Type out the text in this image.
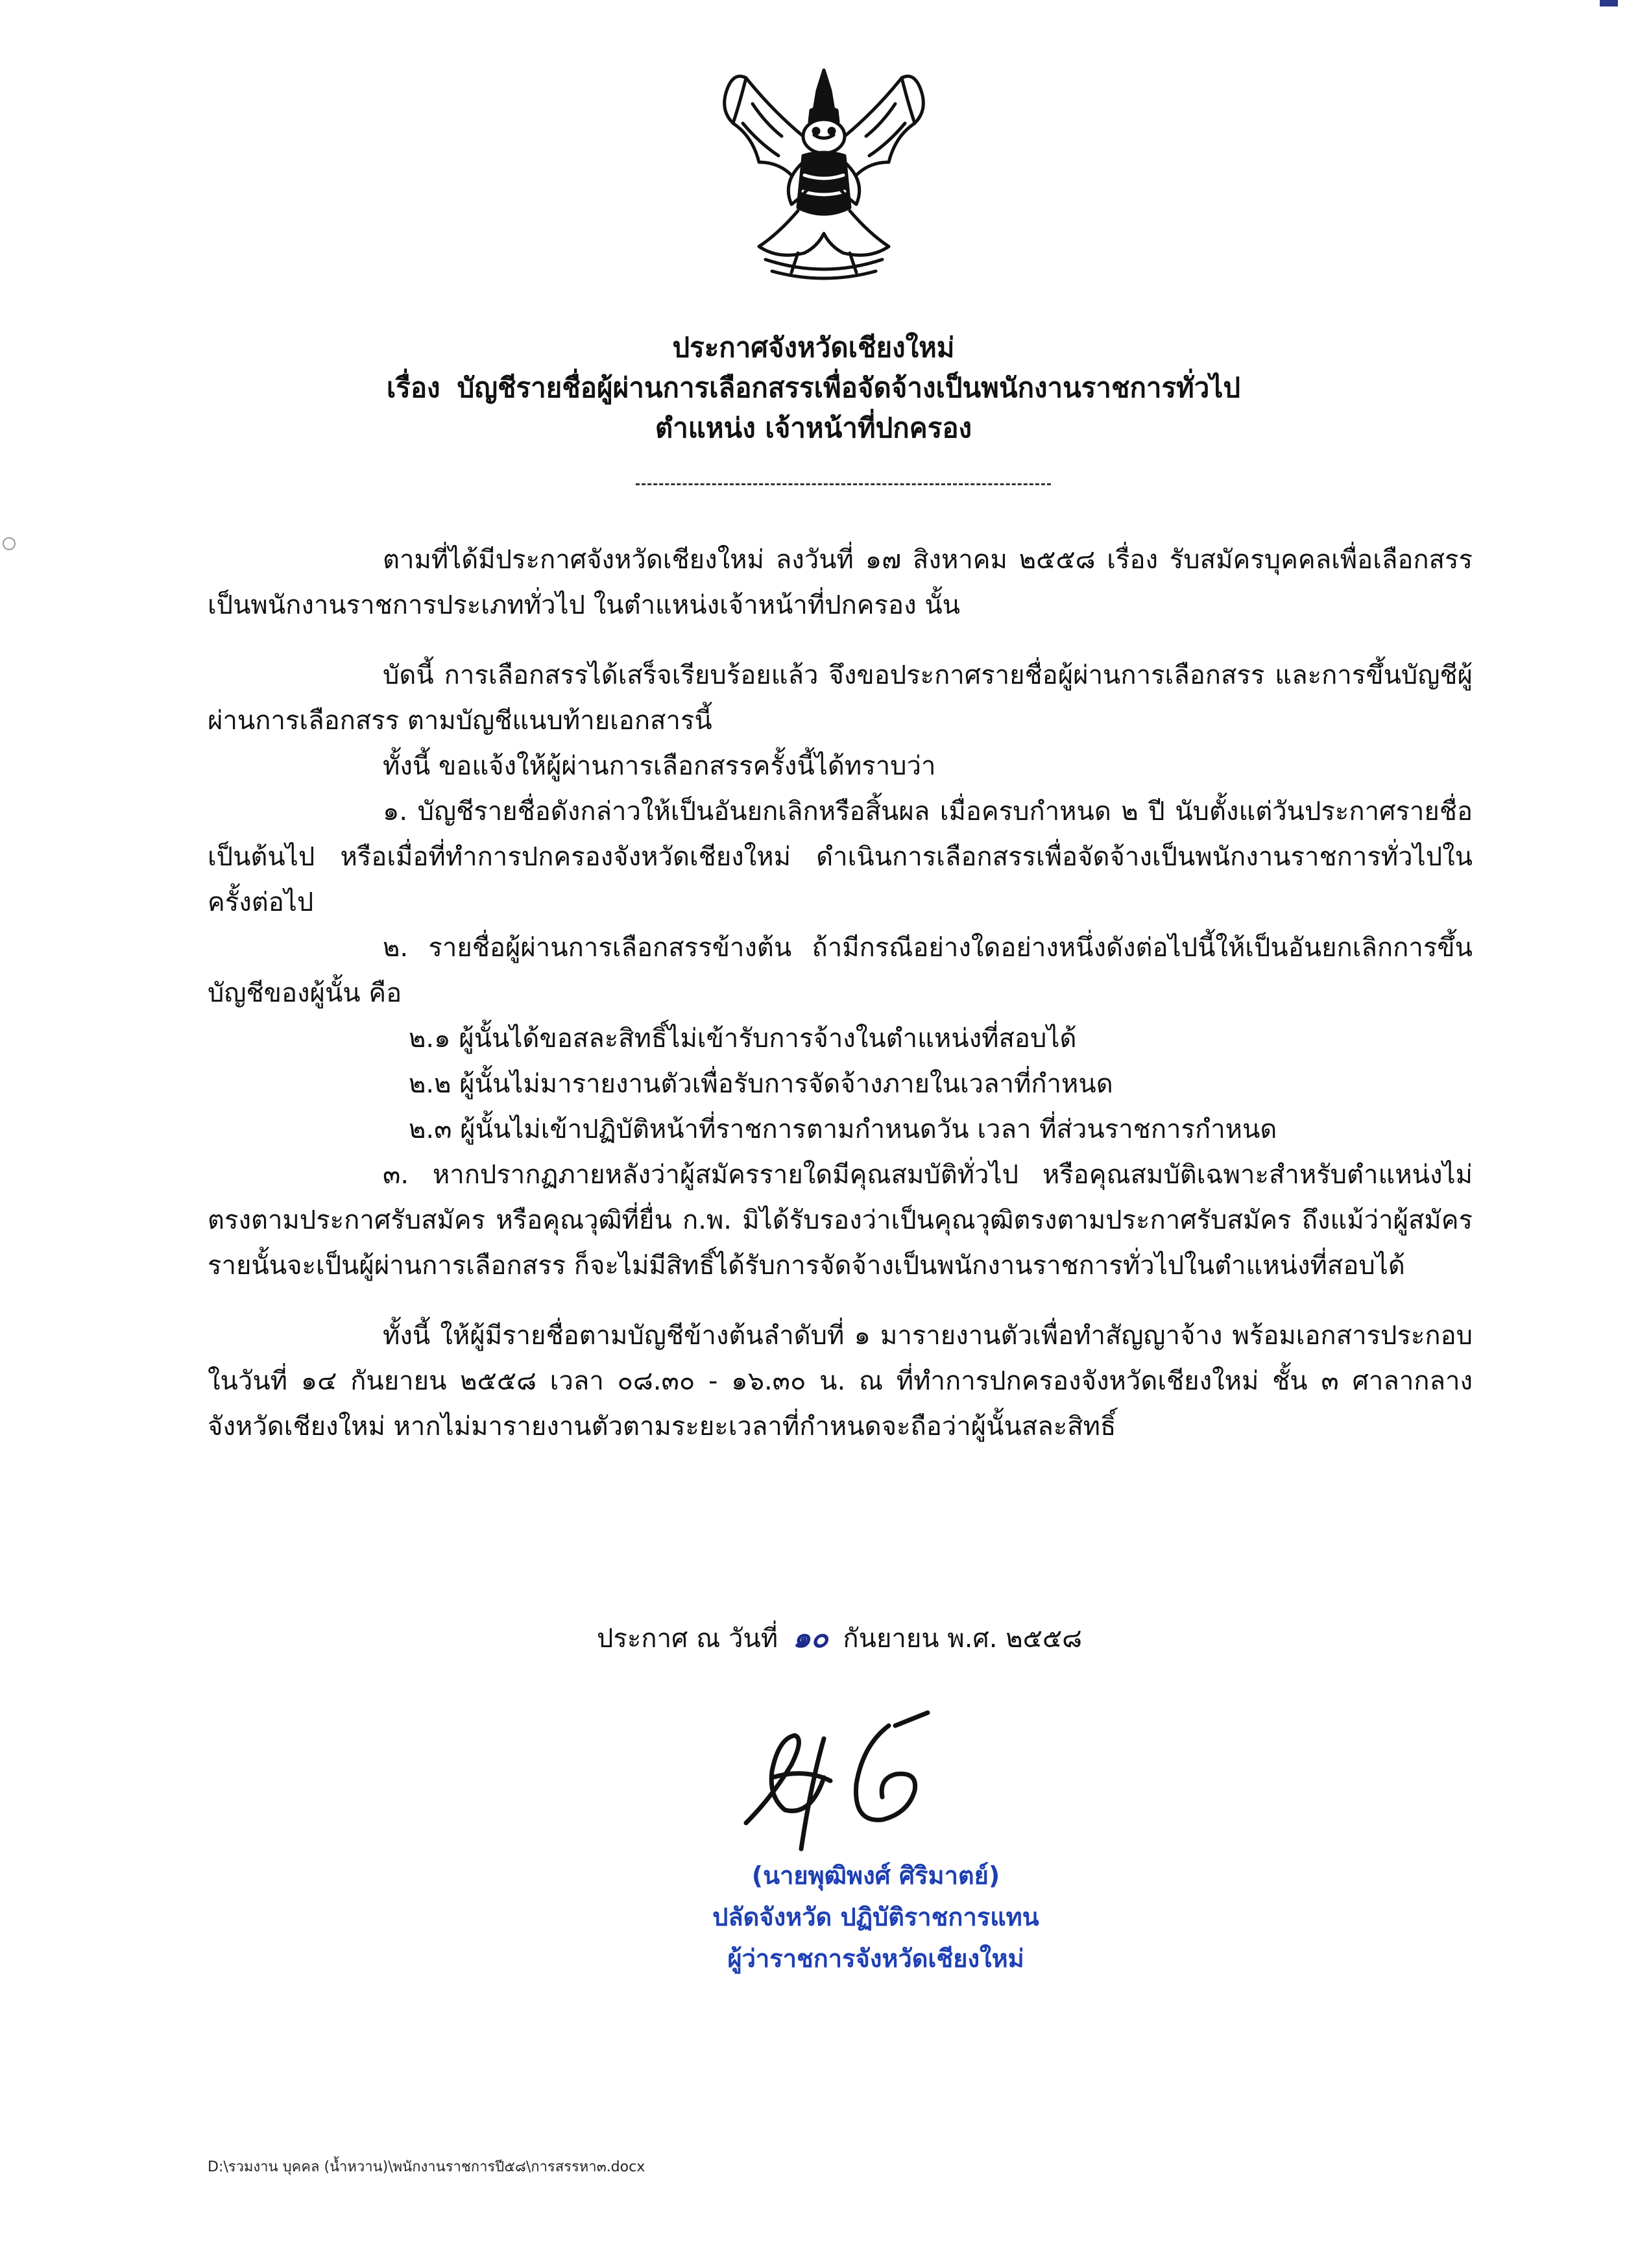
ประกาศจังหวัดเชียงใหม่
เรื่อง บัญชีรายชื่อผู้ผ่านการเลือกสรรเพื่อจัดจ้างเป็นพนักงานราชการทั่วไป
ตำแหน่ง เจ้าหน้าที่ปกครอง

ตามที่ได้มีประกาศจังหวัดเชียงใหม่ ลงวันที่ ๑๗ สิงหาคม ๒๕๕๘ เรื่อง รับสมัครบุคคลเพื่อเลือกสรรเป็นพนักงานราชการประเภททั่วไป ในตำแหน่งเจ้าหน้าที่ปกครอง นั้น

บัดนี้ การเลือกสรรได้เสร็จเรียบร้อยแล้ว จึงขอประกาศรายชื่อผู้ผ่านการเลือกสรร และการขึ้นบัญชีผู้ผ่านการเลือกสรร ตามบัญชีแนบท้ายเอกสารนี้

ทั้งนี้ ขอแจ้งให้ผู้ผ่านการเลือกสรรครั้งนี้ได้ทราบว่า

๑. บัญชีรายชื่อดังกล่าวให้เป็นอันยกเลิกหรือสิ้นผล เมื่อครบกำหนด ๒ ปี นับตั้งแต่วันประกาศรายชื่อเป็นต้นไป หรือเมื่อที่ทำการปกครองจังหวัดเชียงใหม่ ดำเนินการเลือกสรรเพื่อจัดจ้างเป็นพนักงานราชการทั่วไปในครั้งต่อไป

๒. รายชื่อผู้ผ่านการเลือกสรรข้างต้น ถ้ามีกรณีอย่างใดอย่างหนึ่งดังต่อไปนี้ให้เป็นอันยกเลิกการขึ้นบัญชีของผู้นั้น คือ

๒.๑ ผู้นั้นได้ขอสละสิทธิ์ไม่เข้ารับการจ้างในตำแหน่งที่สอบได้

๒.๒ ผู้นั้นไม่มารายงานตัวเพื่อรับการจัดจ้างภายในเวลาที่กำหนด

๒.๓ ผู้นั้นไม่เข้าปฏิบัติหน้าที่ราชการตามกำหนดวัน เวลา ที่ส่วนราชการกำหนด

๓. หากปรากฏภายหลังว่าผู้สมัครรายใดมีคุณสมบัติทั่วไป หรือคุณสมบัติเฉพาะสำหรับตำแหน่งไม่ตรงตามประกาศรับสมัคร หรือคุณวุฒิที่ยื่น ก.พ. มิได้รับรองว่าเป็นคุณวุฒิตรงตามประกาศรับสมัคร ถึงแม้ว่าผู้สมัครรายนั้นจะเป็นผู้ผ่านการเลือกสรร ก็จะไม่มีสิทธิ์ได้รับการจัดจ้างเป็นพนักงานราชการทั่วไปในตำแหน่งที่สอบได้

ทั้งนี้ ให้ผู้มีรายชื่อตามบัญชีข้างต้นลำดับที่ ๑ มารายงานตัวเพื่อทำสัญญาจ้าง พร้อมเอกสารประกอบ ในวันที่ ๑๔ กันยายน ๒๕๕๘ เวลา ๐๘.๓๐ - ๑๖.๓๐ น. ณ ที่ทำการปกครองจังหวัดเชียงใหม่ ชั้น ๓ ศาลากลางจังหวัดเชียงใหม่ หากไม่มารายงานตัวตามระยะเวลาที่กำหนดจะถือว่าผู้นั้นสละสิทธิ์

ประกาศ ณ วันที่ ๑๐ กันยายน พ.ศ. ๒๕๕๘
(นายพุฒิพงศ์ ศิริมาตย์)
ปลัดจังหวัด ปฏิบัติราชการแทน
ผู้ว่าราชการจังหวัดเชียงใหม่
D:\รวมงาน บุคคล (น้ำหวาน)\พนักงานราชการปี๕๘\การสรรหา๓.docx
